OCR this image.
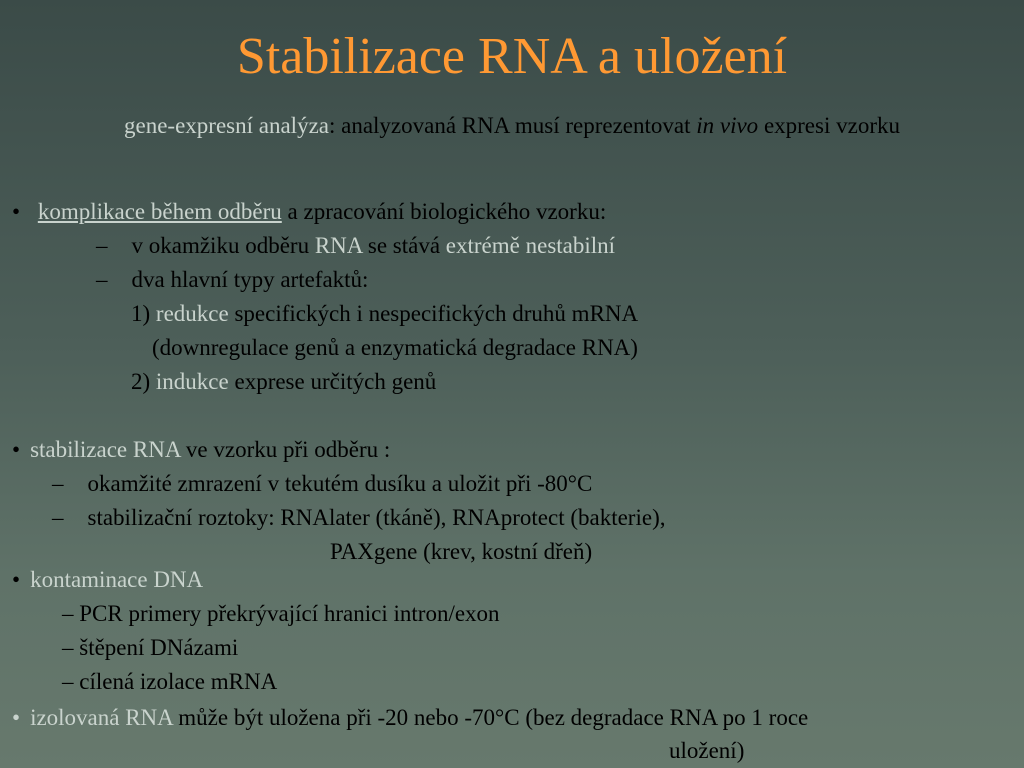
Stabilizace RNA a uložení
gene-expresní analýza: analyzovaná RNA musí reprezentovat in vivo expresi vzorku
• komplikace během odběru a zpracování biologického vzorku:
– v okamžiku odběru RNA se stává extrémě nestabilní
– dva hlavní typy artefaktů:
1) redukce specifických i nespecifických druhů mRNA
(downregulace genů a enzymatická degradace RNA)
2) indukce exprese určitých genů
• stabilizace RNA ve vzorku při odběru :
– okamžité zmrazení v tekutém dusíku a uložit při -80°C
– stabilizační roztoky: RNAlater (tkáně), RNAprotect (bakterie),
PAXgene (krev, kostní dřeň)
• kontaminace DNA
– PCR primery překrývající hranici intron/exon
– štěpení DNázami
– cílená izolace mRNA
• izolovaná RNA může být uložena při -20 nebo -70°C (bez degradace RNA po 1 roce
uložení)
